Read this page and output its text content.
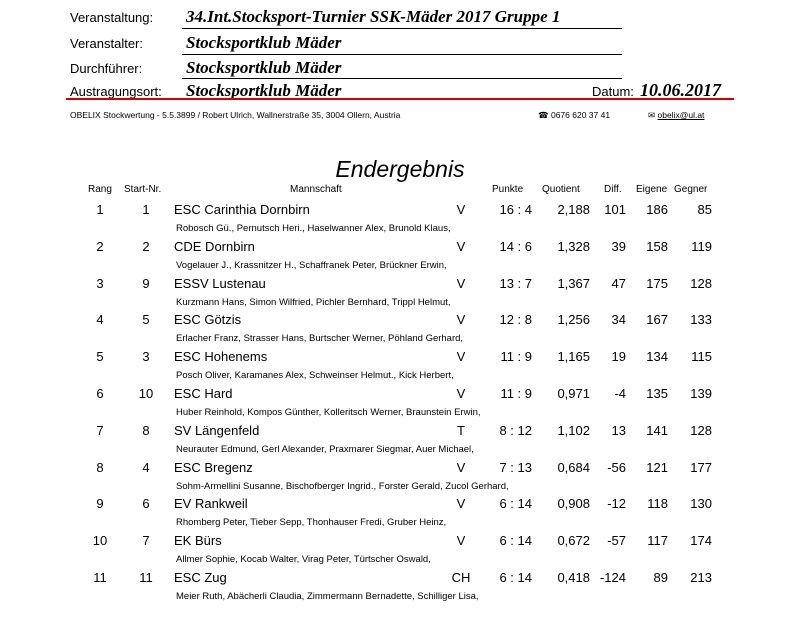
Veranstaltung: 34.Int.Stocksport-Turnier SSK-Mäder 2017 Gruppe 1
Veranstalter:	Stocksportklub Mäder
Durchführer:	Stocksportklub Mäder
Austragungsort: Stocksportklub Mäder	Datum: 10.06.2017
OBELIX Stockwertung - 5.5.3899 / Robert Ulrich, Wallnerstraße 35, 3004 Ollern, Austria	☎ 0676 620 37 41	✉ obelix@ul.at
Endergebnis
Rang Start-Nr.	Mannschaft	Punkte Quotient Diff. Eigene Gegner
1	1	ESC Carinthia Dornbirn	V	16 : 4	2,188	101	186	85
Robosch Gü., Pernutsch Heri., Haselwanner Alex, Brunold Klaus,
2	2	CDE Dornbirn	V	14 : 6	1,328	39	158	119
Vogelauer J., Krassnitzer H., Schaffranek Peter, Brückner Erwin,
3	9	ESSV Lustenau	V	13 : 7	1,367	47	175	128
Kurzmann Hans, Simon Wilfried, Pichler Bernhard, Trippl Helmut,
4	5	ESC Götzis	V	12 : 8	1,256	34	167	133
Erlacher Franz, Strasser Hans, Burtscher Werner, Pöhland Gerhard,
5	3	ESC Hohenems	V	11 : 9	1,165	19	134	115
Posch Oliver, Karamanes Alex, Schweinser Helmut., Kick Herbert,
6	10	ESC Hard	V	11 : 9	0,971	-4	135	139
Huber Reinhold, Kompos Günther, Kolleritsch Werner, Braunstein Erwin,
7	8	SV Längenfeld	T	8 : 12	1,102	13	141	128
Neurauter Edmund, Gerl Alexander, Praxmarer Siegmar, Auer Michael,
8	4	ESC Bregenz	V	7 : 13	0,684	-56	121	177
Sohm-Armellini Susanne, Bischofberger Ingrid., Forster Gerald, Zucol Gerhard,
9	6	EV Rankweil	V	6 : 14	0,908	-12	118	130
Rhomberg Peter, Tieber Sepp, Thonhauser Fredi, Gruber Heinz,
10	7	EK Bürs	V	6 : 14	0,672	-57	117	174
Allmer Sophie, Kocab Walter, Virag Peter, Türtscher Oswald,
11	11	ESC Zug	CH	6 : 14	0,418 -124	89	213
Meier Ruth, Abächerli Claudia, Zimmermann Bernadette, Schilliger Lisa,
